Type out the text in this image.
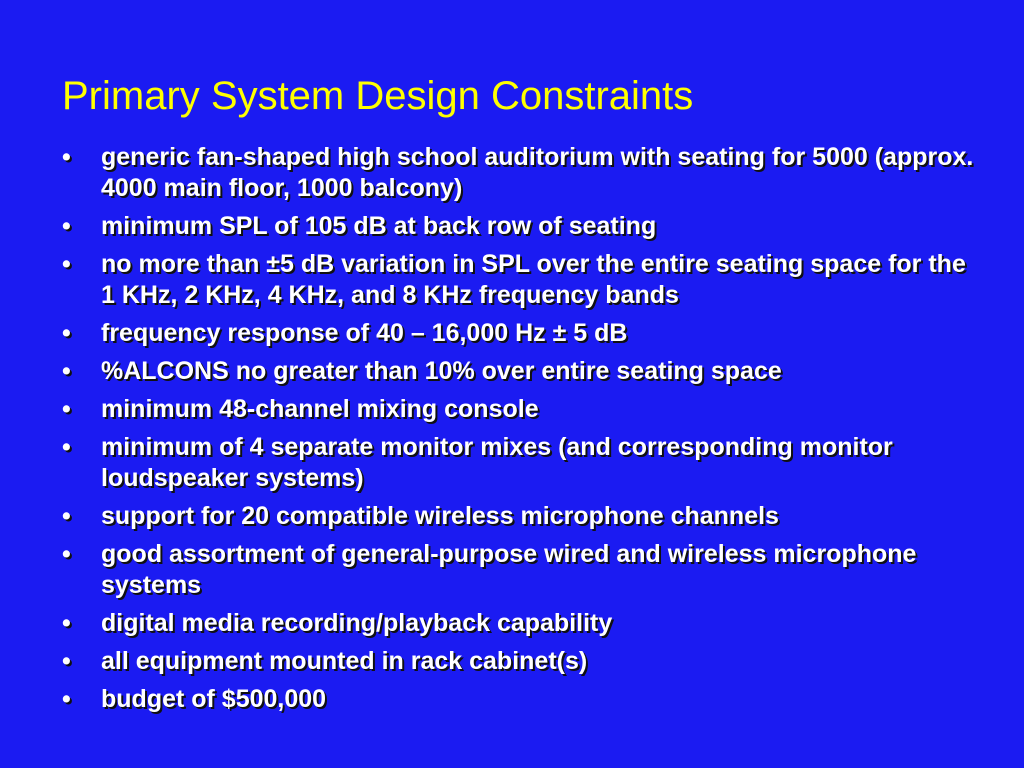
Primary System Design Constraints
•	generic fan-shaped high school auditorium with seating for 5000 (approx. 4000 main floor, 1000 balcony)
•	minimum SPL of 105 dB at back row of seating
•	no more than ±5 dB variation in SPL over the entire seating space for the 1 KHz, 2 KHz, 4 KHz, and 8 KHz frequency bands
•	frequency response of 40 – 16,000 Hz ± 5 dB
•	%ALCONS no greater than 10% over entire seating space
•	minimum 48-channel mixing console
•	minimum of 4 separate monitor mixes (and corresponding monitor loudspeaker systems)
•	support for 20 compatible wireless microphone channels
•	good assortment of general-purpose wired and wireless microphone systems
•	digital media recording/playback capability
•	all equipment mounted in rack cabinet(s)
•	budget of $500,000
